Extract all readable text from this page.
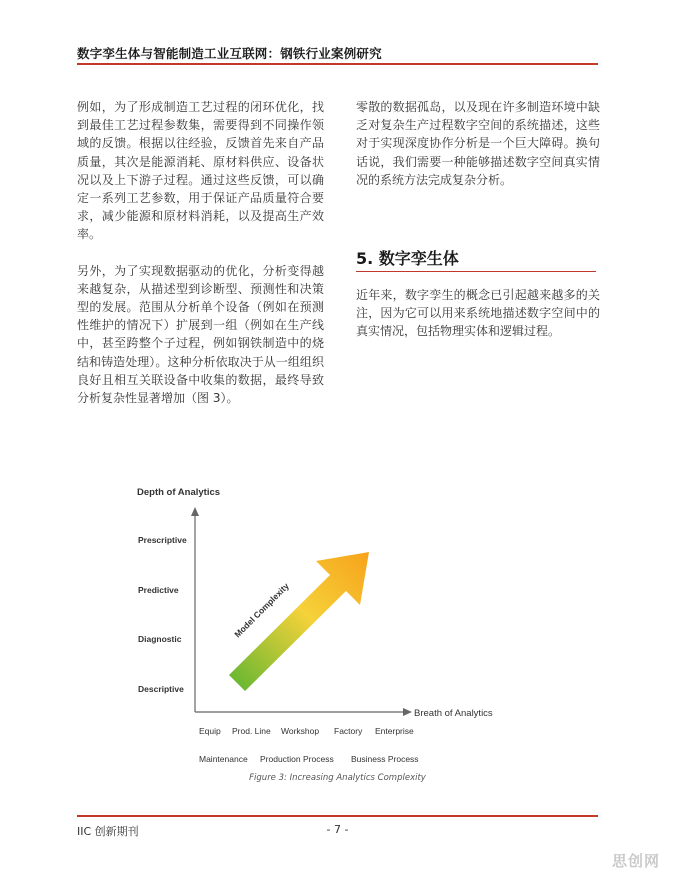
数字孪生体与智能制造工业互联网：钢铁行业案例研究

例如，为了形成制造工艺过程的闭环优化，找到最佳工艺过程参数集，需要得到不同操作领域的反馈。根据以往经验，反馈首先来自产品质量，其次是能源消耗、原材料供应、设备状况以及上下游子过程。通过这些反馈，可以确定一系列工艺参数，用于保证产品质量符合要求，减少能源和原材料消耗，以及提高生产效率。

另外，为了实现数据驱动的优化，分析变得越来越复杂，从描述型到诊断型、预测性和决策型的发展。范围从分析单个设备（例如在预测性维护的情况下）扩展到一组（例如在生产线中，甚至跨整个子过程，例如钢铁制造中的烧结和铸造处理）。这种分析依取决于从一组组织良好且相互关联设备中收集的数据，最终导致分析复杂性显著增加（图 3）。

零散的数据孤岛，以及现在许多制造环境中缺乏对复杂生产过程数字空间的系统描述，这些对于实现深度协作分析是一个巨大障碍。换句话说，我们需要一种能够描述数字空间真实情况的系统方法完成复杂分析。

5. 数字孪生体
近年来，数字孪生的概念已引起越来越多的关注，因为它可以用来系统地描述数字空间中的真实情况，包括物理实体和逻辑过程。
Depth of Analytics
Breath of Analytics
Prescriptive
Predictive
Diagnostic
Descriptive
Model Complexity
Equip Prod. Line Workshop Factory Enterprise
Maintenance Production Process Business Process
Figure 3: Increasing Analytics Complexity
IIC 创新期刊	- 7 -
思创网
